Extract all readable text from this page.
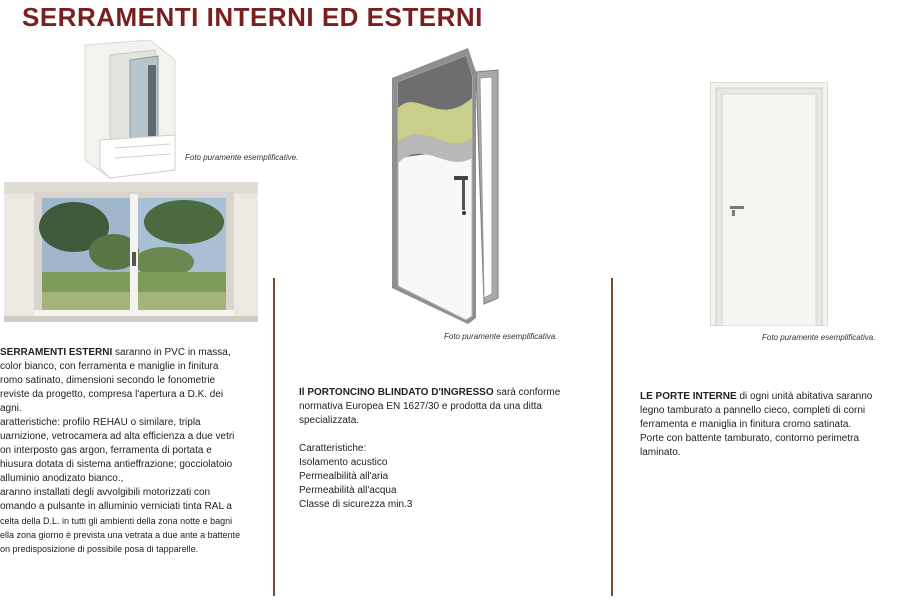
SERRAMENTI INTERNI ED ESTERNI
Foto puramente esemplificative.
Foto puramente esemplificativa.	Foto puramente esemplificativa.

SERRAMENTI ESTERNI saranno in PVC in massa,

color bianco, con ferramenta e maniglie in finitura

romo satinato, dimensioni secondo le fonometrie

reviste da progetto, compresa l'apertura a D.K. dei

agni.

aratteristiche: profilo REHAU o similare, tripla

uarnizione, vetrocamera ad alta efficienza a due vetri

on interposto gas argon, ferramenta di portata e

hiusura dotata di sistema antieffrazione; gocciolatoio

alluminio anodizato bianco.,

aranno installati degli avvolgibili motorizzati con

omando a pulsante in alluminio verniciati tinta RAL a

celta della D.L. in tutti gli ambienti della zona notte e bagni

ella zona giorno è prevista una vetrata a due ante a battente

on predisposizione di possibile posa di tapparelle.

Il PORTONCINO BLINDATO D'INGRESSO sarà conforme

normativa Europea EN 1627/30 e prodotta da una ditta

specializzata.

Caratteristiche:

Isolamento acustico

Permealbilità all'aria

Permeabilità all'acqua

Classe di sicurezza min.3

LE PORTE INTERNE di ogni unità abitativa saranno

legno tamburato a pannello cieco, completi di corni

ferramenta e maniglia in finitura cromo satinata.

Porte con battente tamburato, contorno perimetra

laminato.
